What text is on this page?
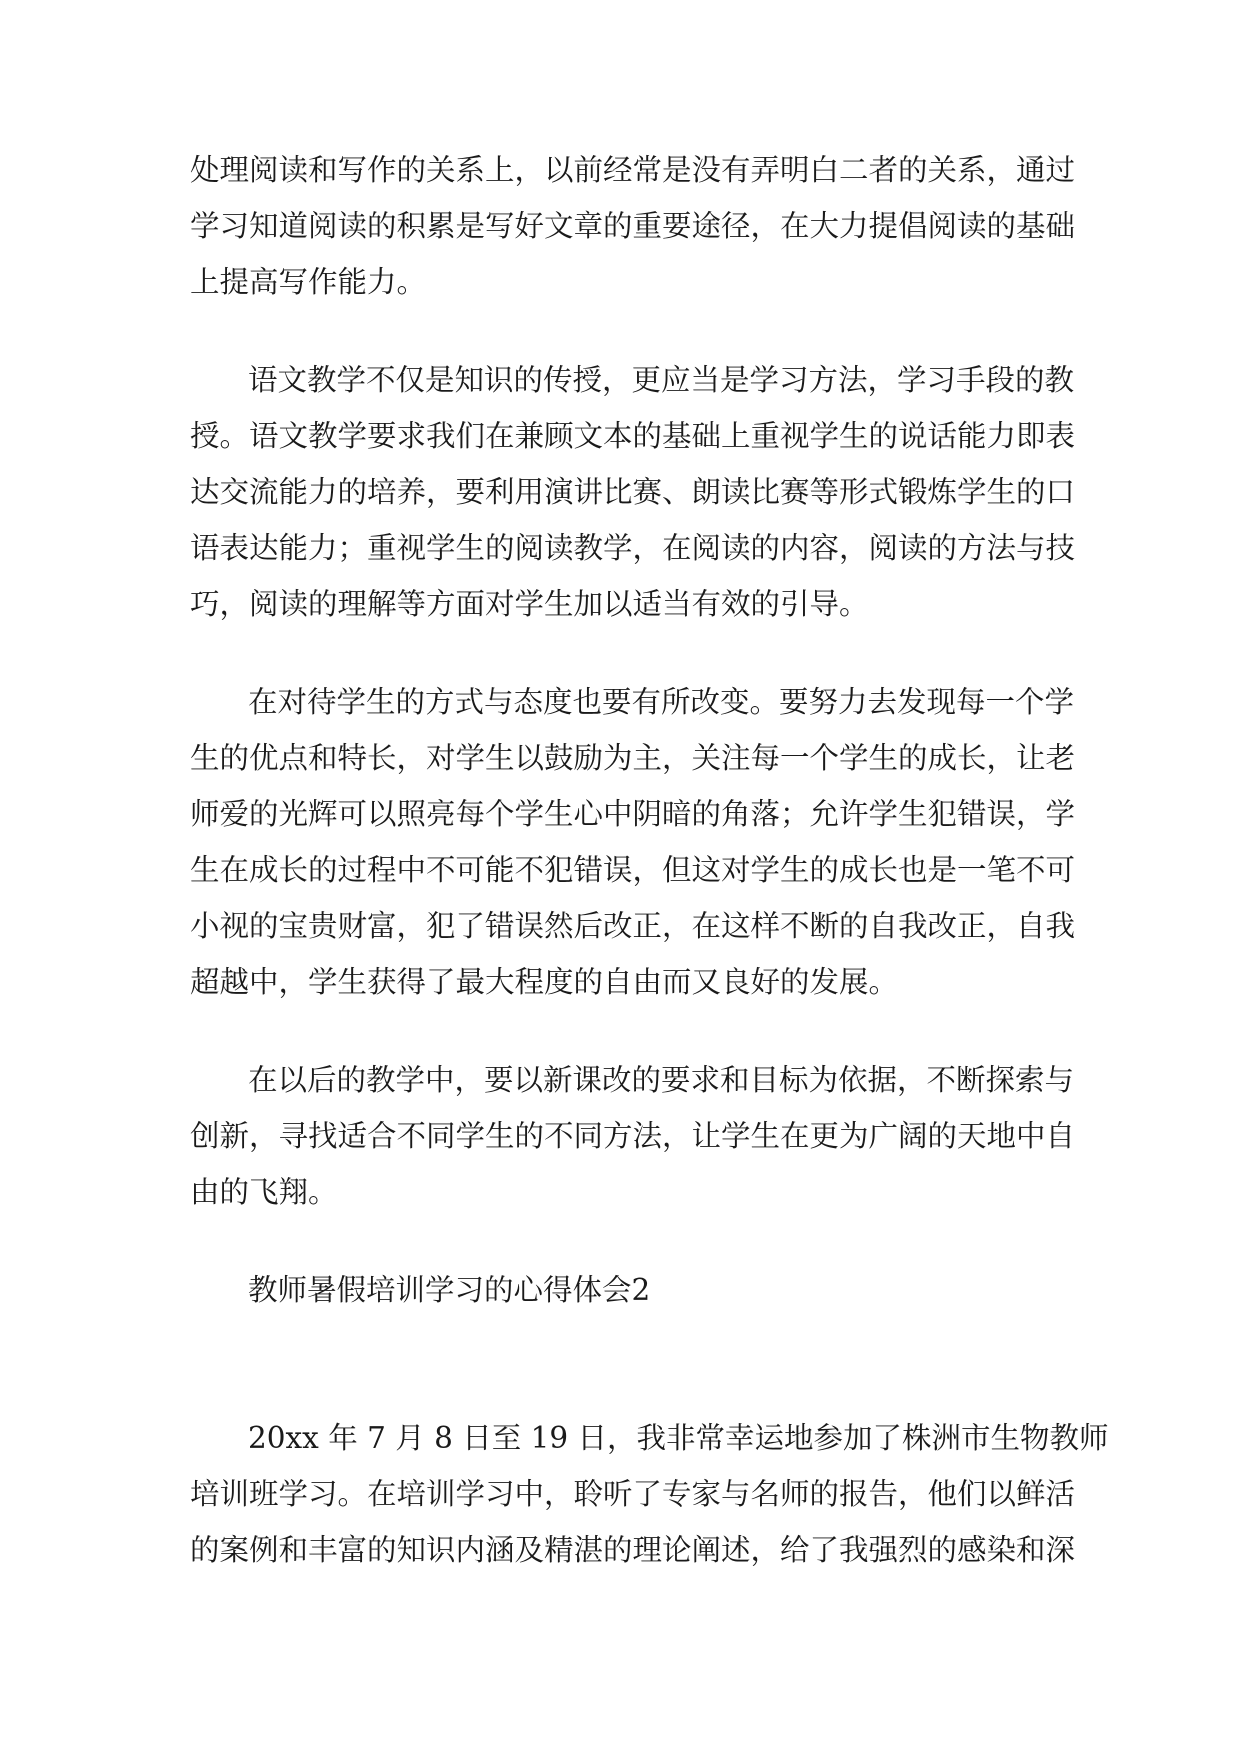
处理阅读和写作的关系上，以前经常是没有弄明白二者的关系，通过
学习知道阅读的积累是写好文章的重要途径，在大力提倡阅读的基础
上提高写作能力。
语文教学不仅是知识的传授，更应当是学习方法，学习手段的教
授。语文教学要求我们在兼顾文本的基础上重视学生的说话能力即表
达交流能力的培养，要利用演讲比赛、朗读比赛等形式锻炼学生的口
语表达能力；重视学生的阅读教学，在阅读的内容，阅读的方法与技
巧，阅读的理解等方面对学生加以适当有效的引导。
在对待学生的方式与态度也要有所改变。要努力去发现每一个学
生的优点和特长，对学生以鼓励为主，关注每一个学生的成长，让老
师爱的光辉可以照亮每个学生心中阴暗的角落；允许学生犯错误，学
生在成长的过程中不可能不犯错误，但这对学生的成长也是一笔不可
小视的宝贵财富，犯了错误然后改正，在这样不断的自我改正，自我
超越中，学生获得了最大程度的自由而又良好的发展。
在以后的教学中，要以新课改的要求和目标为依据，不断探索与
创新，寻找适合不同学生的不同方法，让学生在更为广阔的天地中自
由的飞翔。
教师暑假培训学习的心得体会2
20xx 年 7 月 8 日至 19 日，我非常幸运地参加了株洲市生物教师
培训班学习。在培训学习中，聆听了专家与名师的报告，他们以鲜活
的案例和丰富的知识内涵及精湛的理论阐述，给了我强烈的感染和深
